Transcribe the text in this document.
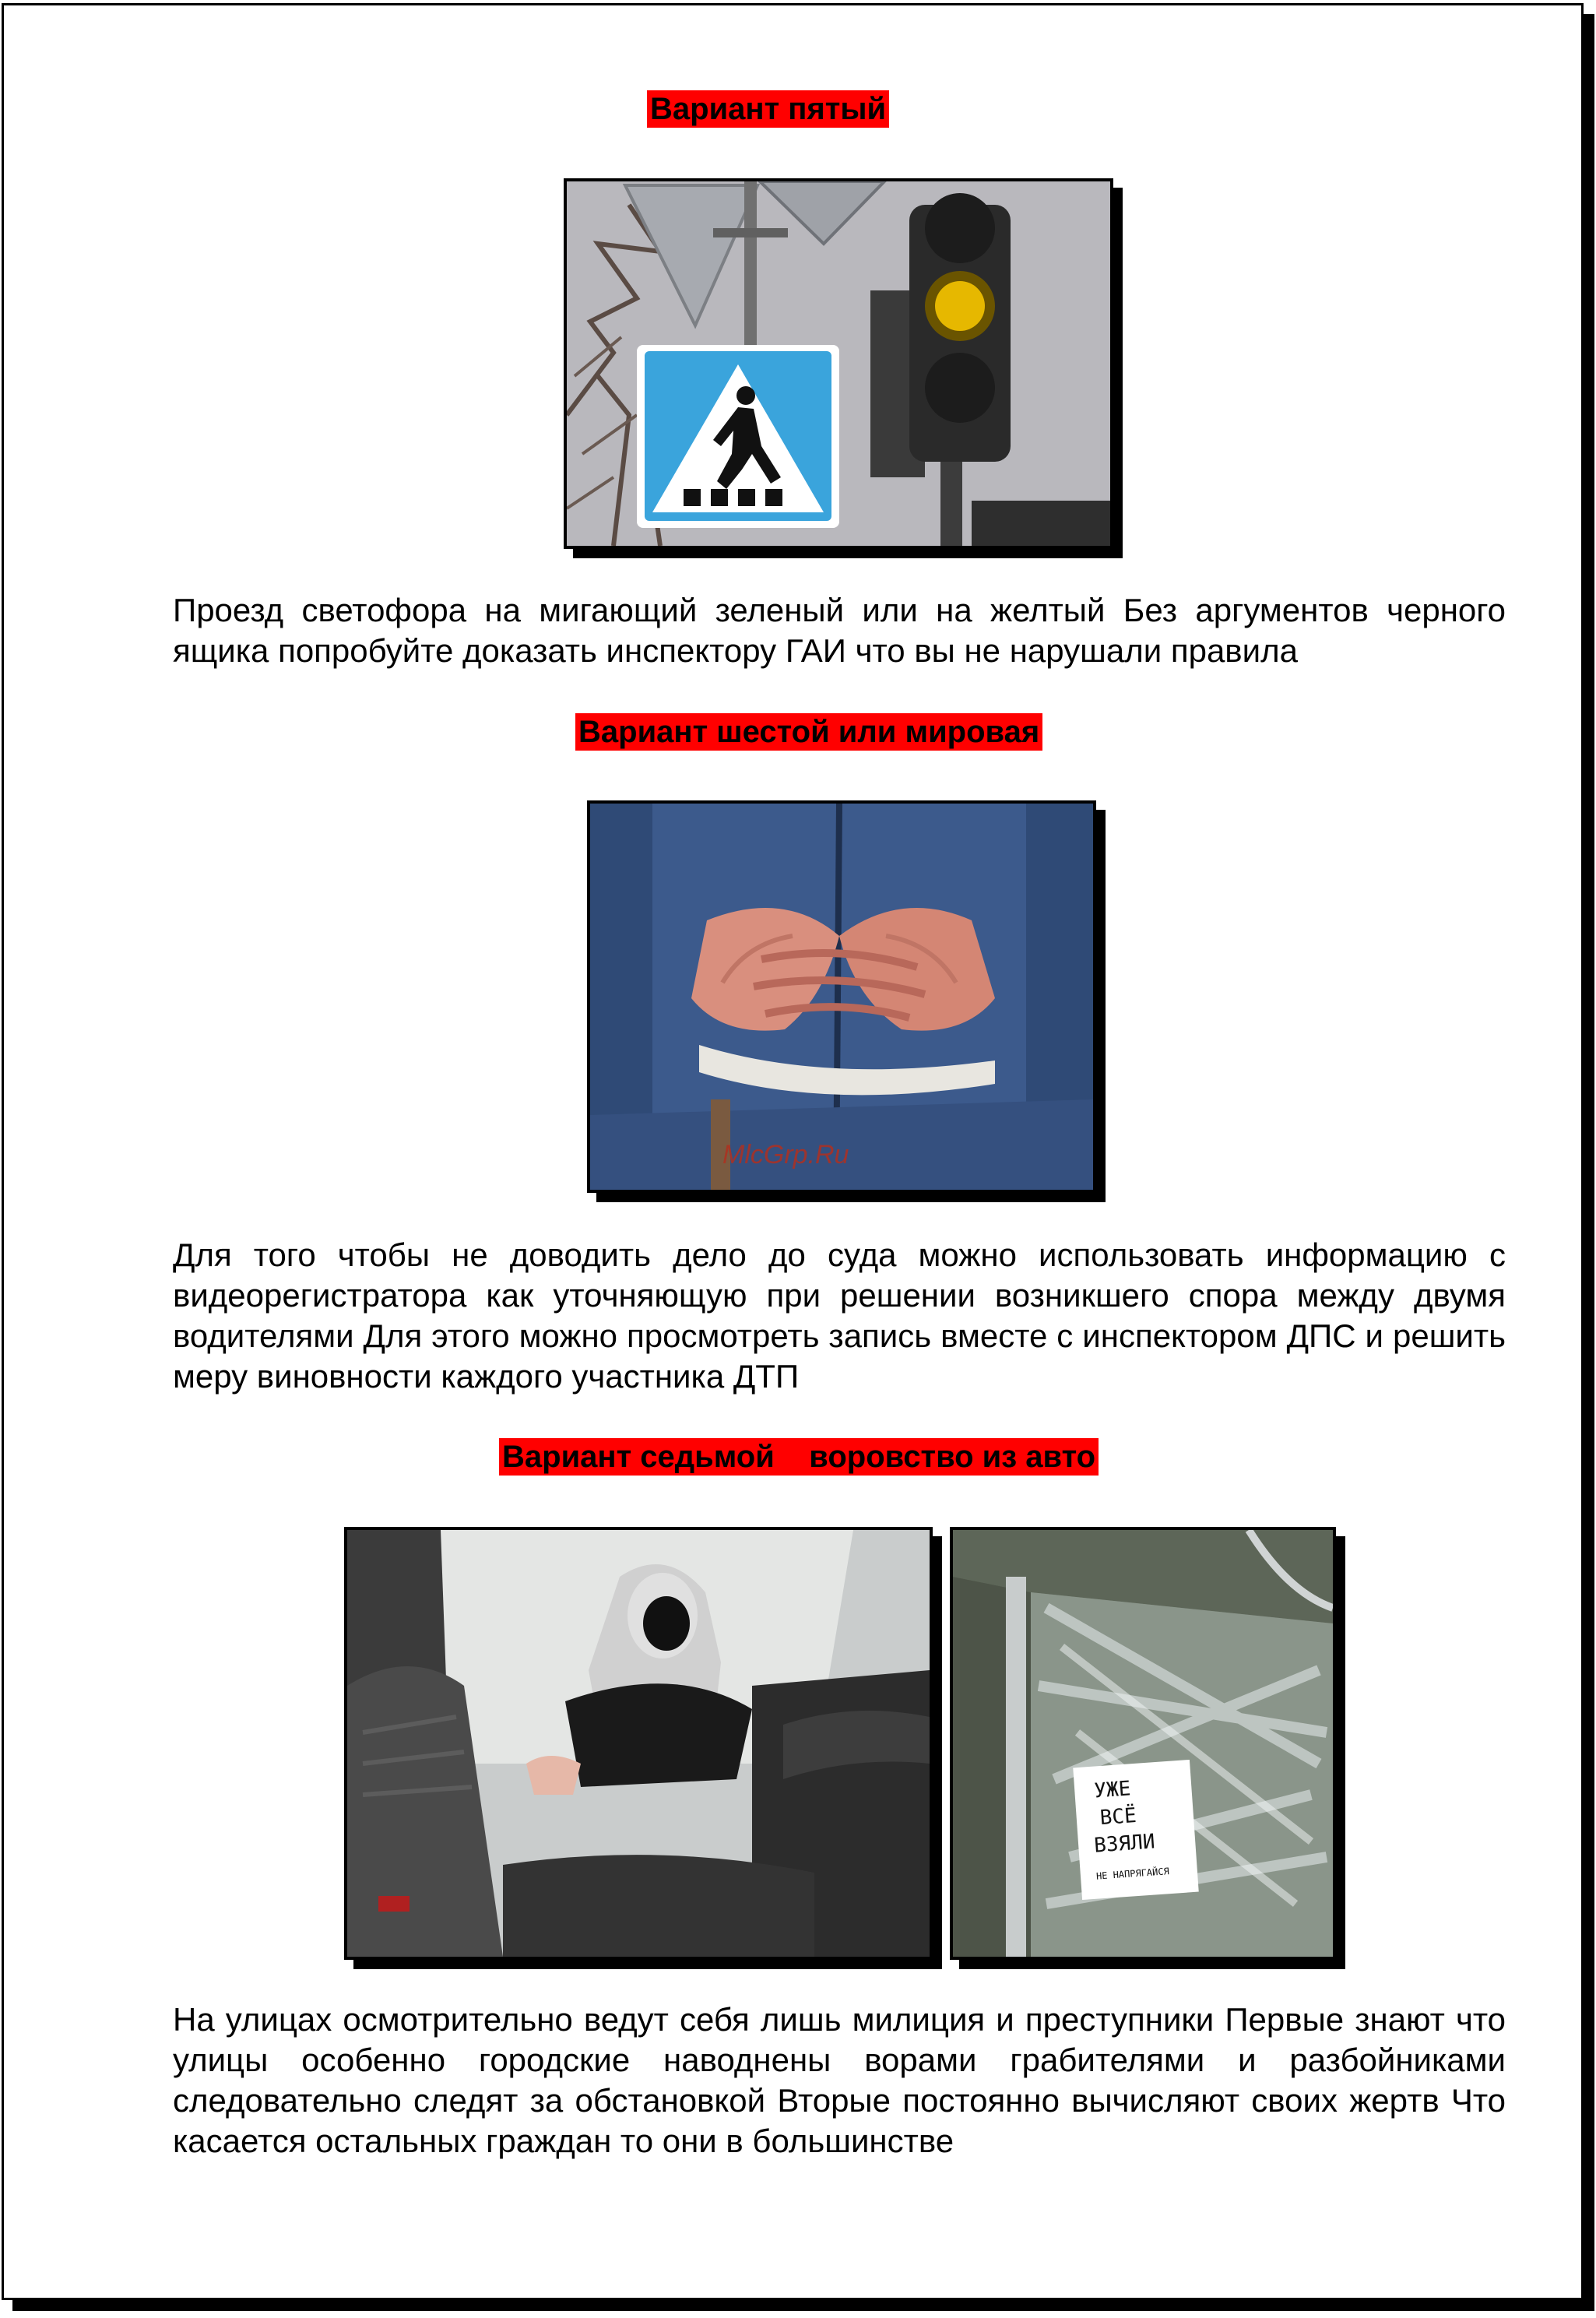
Вариант пятый
Проезд светофора на мигающий зеленый или на желтый Без аргументов черного ящика попробуйте доказать инспектору ГАИ что вы не нарушали правила
Вариант шестой или мировая
MlcGrp.Ru
Для того чтобы не доводить дело до суда можно использовать информацию с видеорегистратора как уточняющую при решении возникшего спора между двумя водителями Для этого можно просмотреть запись вместе с инспектором ДПС и решить меру виновности каждого участника ДТП
Вариант седьмой    воровство из авто
УЖЕ
ВСЁ
ВЗЯЛИ
НЕ НАПРЯГАЙСЯ
На улицах осмотрительно ведут себя лишь милиция и преступники Первые знают что улицы особенно городские наводнены ворами грабителями и разбойниками следовательно следят за обстановкой Вторые постоянно вычисляют своих жертв Что касается остальных граждан то они в большинстве
